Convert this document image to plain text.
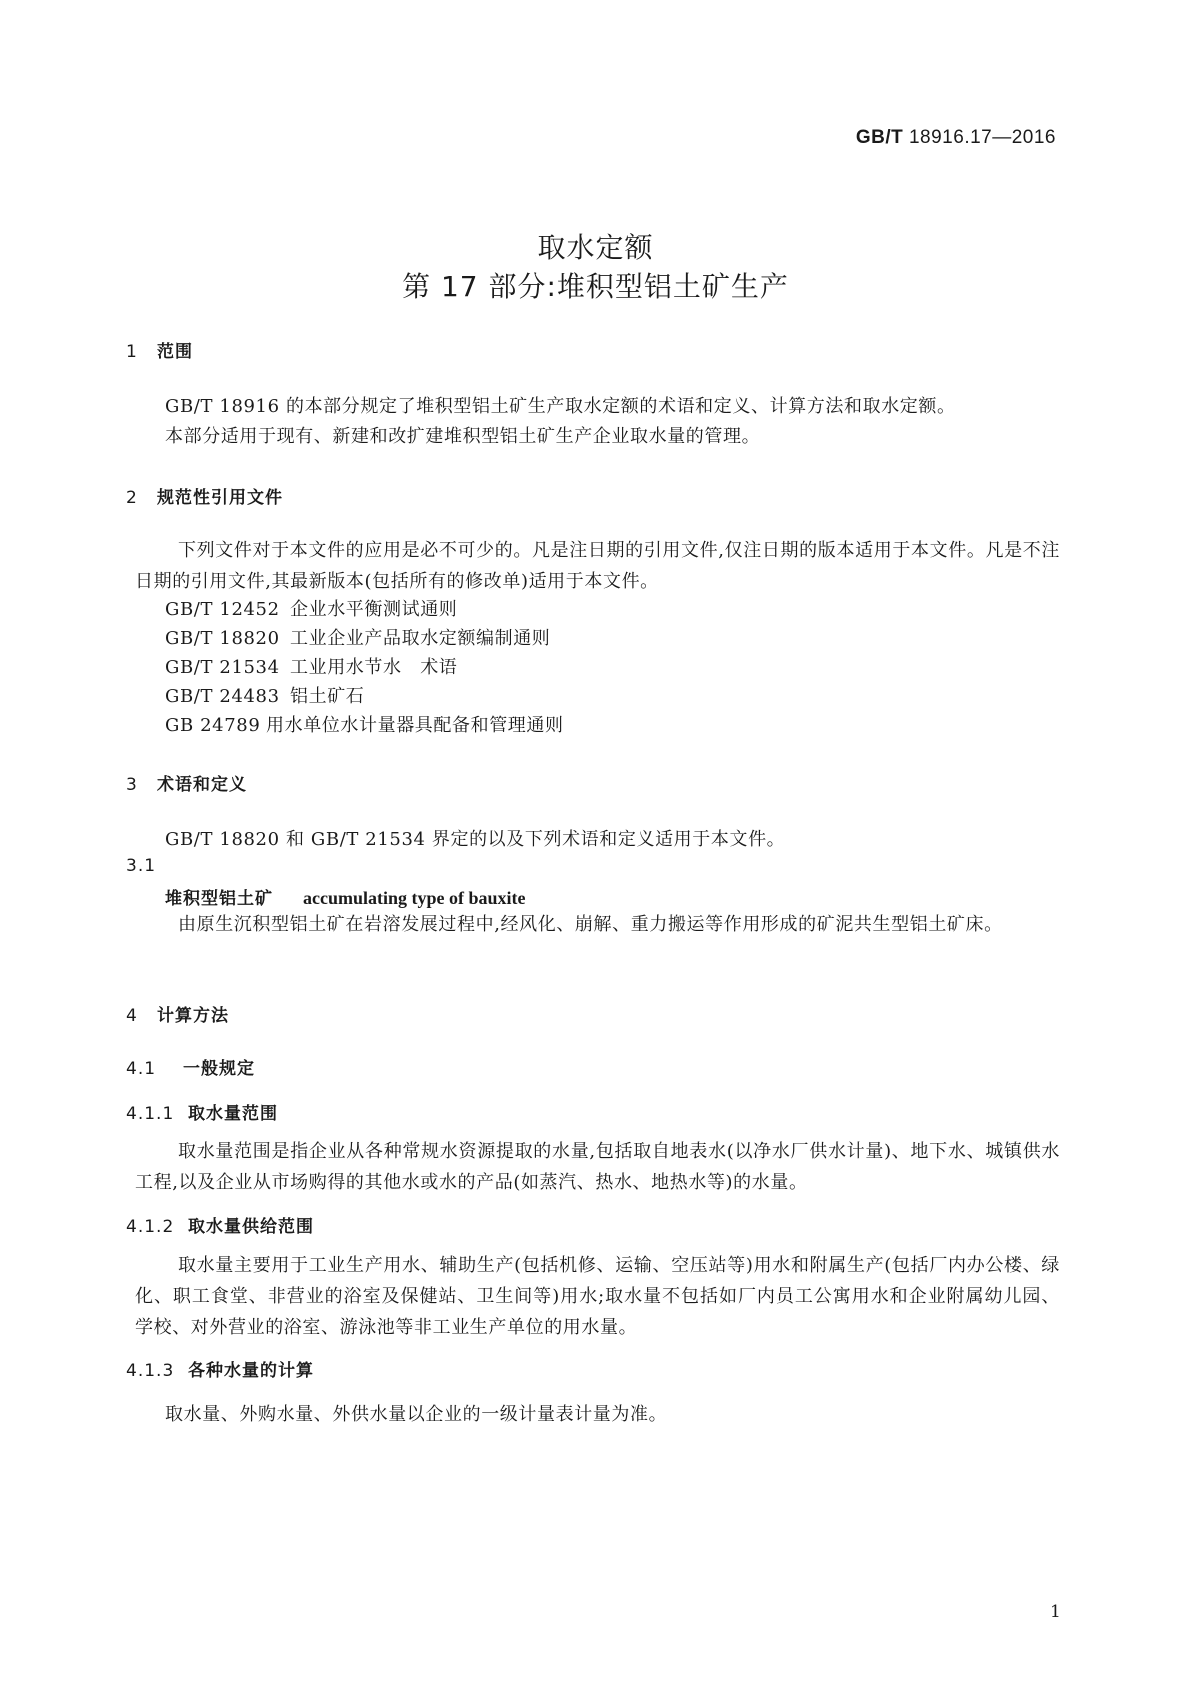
GB/T 18916.17—2016
取水定额
第 17 部分:堆积型铝土矿生产
1 范围
GB/T 18916 的本部分规定了堆积型铝土矿生产取水定额的术语和定义、计算方法和取水定额。
本部分适用于现有、新建和改扩建堆积型铝土矿生产企业取水量的管理。
2 规范性引用文件
下列文件对于本文件的应用是必不可少的。凡是注日期的引用文件,仅注日期的版本适用于本文件。凡是不注日期的引用文件,其最新版本(包括所有的修改单)适用于本文件。
GB/T 12452 企业水平衡测试通则
GB/T 18820 工业企业产品取水定额编制通则
GB/T 21534 工业用水节水　术语
GB/T 24483 铝土矿石
GB 24789 用水单位水计量器具配备和管理通则
3 术语和定义
GB/T 18820 和 GB/T 21534 界定的以及下列术语和定义适用于本文件。
3.1
堆积型铝土矿 accumulating type of bauxite
由原生沉积型铝土矿在岩溶发展过程中,经风化、崩解、重力搬运等作用形成的矿泥共生型铝土矿床。
4 计算方法
4.1 一般规定
4.1.1 取水量范围
取水量范围是指企业从各种常规水资源提取的水量,包括取自地表水(以净水厂供水计量)、地下水、城镇供水工程,以及企业从市场购得的其他水或水的产品(如蒸汽、热水、地热水等)的水量。
4.1.2 取水量供给范围
取水量主要用于工业生产用水、辅助生产(包括机修、运输、空压站等)用水和附属生产(包括厂内办公楼、绿化、职工食堂、非营业的浴室及保健站、卫生间等)用水;取水量不包括如厂内员工公寓用水和企业附属幼儿园、学校、对外营业的浴室、游泳池等非工业生产单位的用水量。
4.1.3 各种水量的计算
取水量、外购水量、外供水量以企业的一级计量表计量为准。
1
